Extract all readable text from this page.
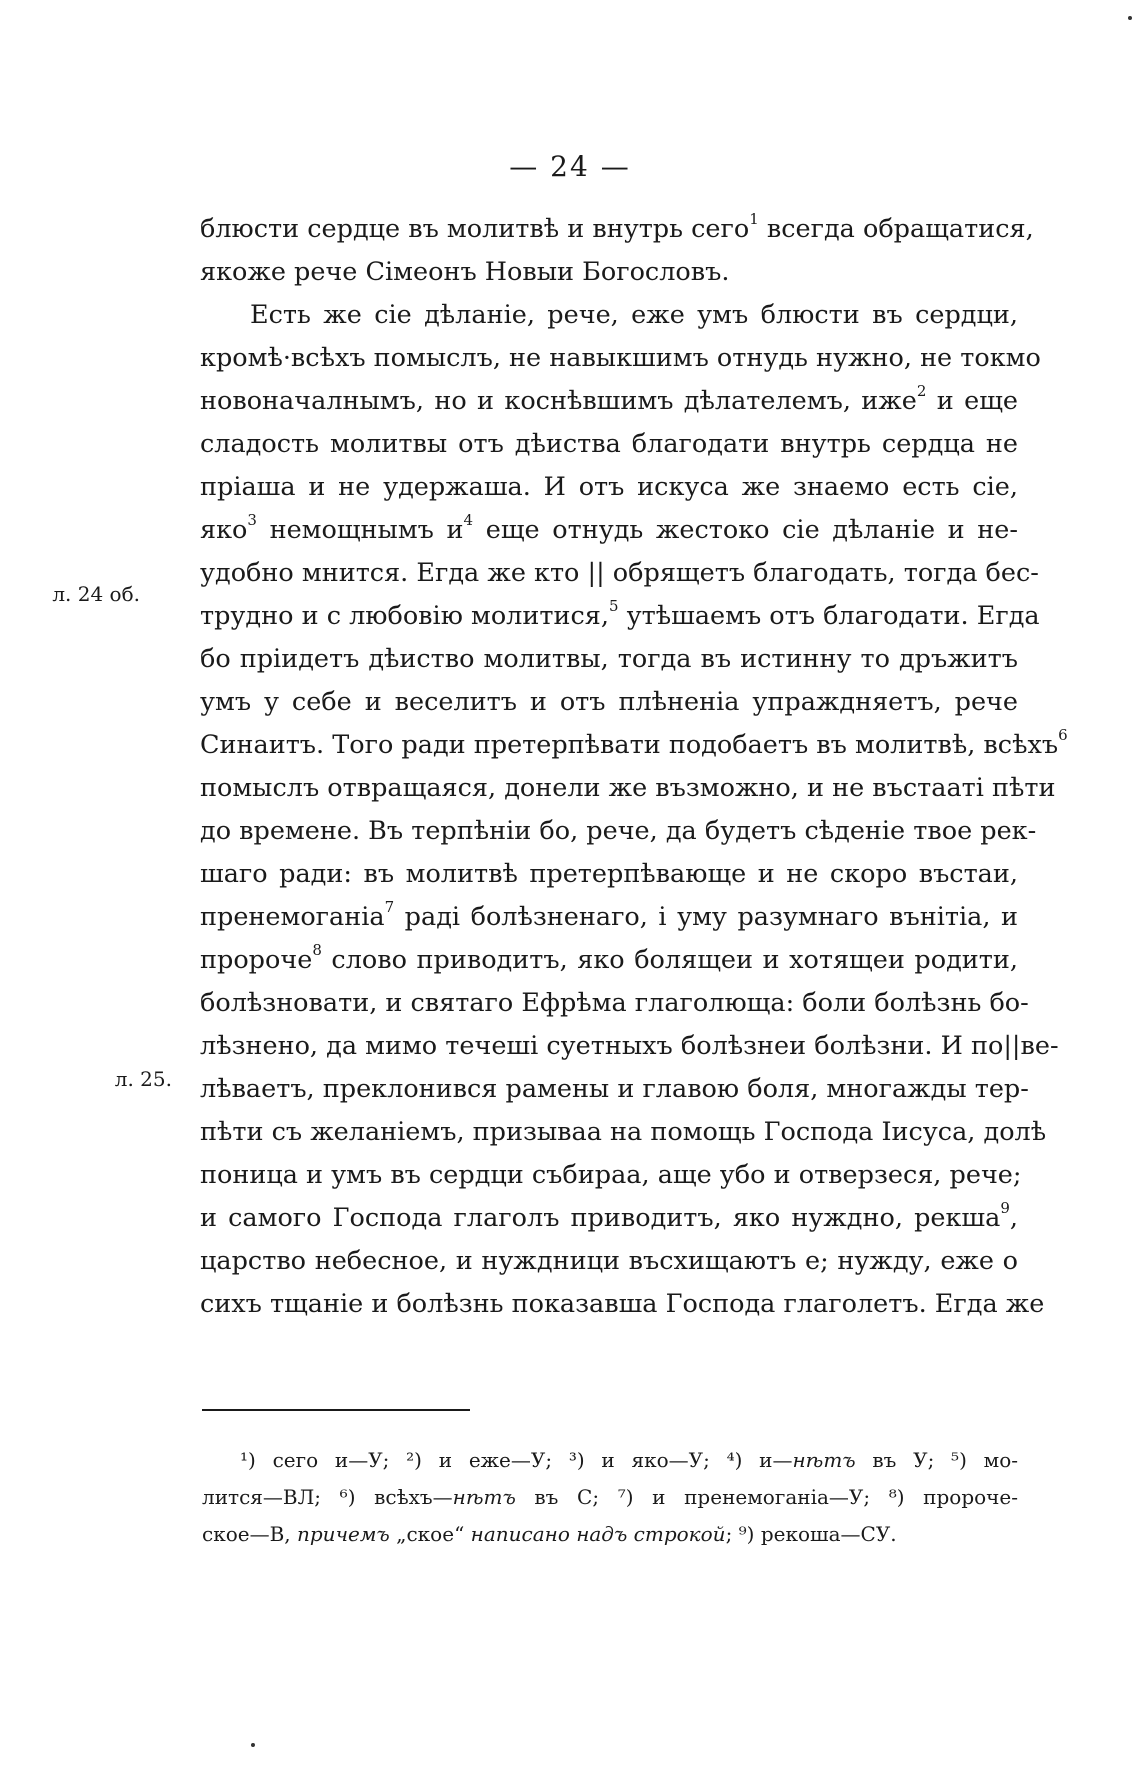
— 24 —
блюсти сердце въ молитвѣ и внутрь сего$^1$ всегда обращатися,
якоже рече Сімеонъ Новыи Богословъ.
Есть же сіе дѣланіе, рече, еже умъ блюсти въ сердци,
кромѣ·всѣхъ помыслъ, не навыкшимъ отнудь нужно, не токмо
новоначалнымъ, но и коснѣвшимъ дѣлателемъ, иже$^2$ и еще
сладость молитвы отъ дѣиства благодати внутрь сердца не
пріаша и не удержаша. И отъ искуса же знаемо есть сіе,
яко$^3$ немощнымъ $и^4$ еще отнудь жестоко сіе дѣланіе и не-
удобно мнится. Егда же кто || обрящетъ благодать, тогда бес-
трудно и с любовію молитися,$^5$ утѣшаемъ отъ благодати. Егда
бо пріидетъ дѣиство молитвы, тогда въ истинну то дръжитъ
умъ у себе и веселитъ и отъ плѣненіа упраждняетъ, рече
Синаитъ. Того ради претерпѣвати подобаетъ въ молитвѣ, всѣхъ$^6$
помыслъ отвращаяся, донели же възможно, и не въстаатi пѣти
до времене. Въ терпѣніи бо, рече, да будетъ сѣденіе твое рек-
шаго ради: въ молитвѣ претерпѣвающе и не скоро въстаи,
пренемоганіа$^7$ раді болѣзненаго, і уму разумнаго вънітіа, и
пророче$^8$ слово приводитъ, яко болящеи и хотящеи родити,
болѣзновати, и святаго Ефрѣма глаголюща: боли болѣзнь бо-
лѣзнено, да мимо течеші суетныхъ болѣзнеи болѣзни. И по||ве-
лѣваетъ, преклонився рамены и главою боля, многажды тер-
пѣти съ желаніемъ, призываа на помощь Господа Іисуса, долѣ
поница и умъ въ сердци събираа, аще убо и отверзеся, рече;
и самого Господа глаголъ приводитъ, яко нуждно, рекша$^9$,
царство небесное, и нуждници въсхищаютъ е; нужду, еже о
сихъ тщаніе и болѣзнь показавша Господа глаголетъ. Егда же
л. 24 об.
л. 25.
¹) сего и—У; ²) и еже—У; ³) и яко—У; ⁴) и—нѣтъ въ У; ⁵) мо-
лится—ВЛ; ⁶) всѣхъ—нѣтъ въ С; ⁷) и пренемоганіа—У; ⁸) пророче-
ское—В, причемъ „ское“ написано надъ строкой; ⁹) рекоша—СУ.
